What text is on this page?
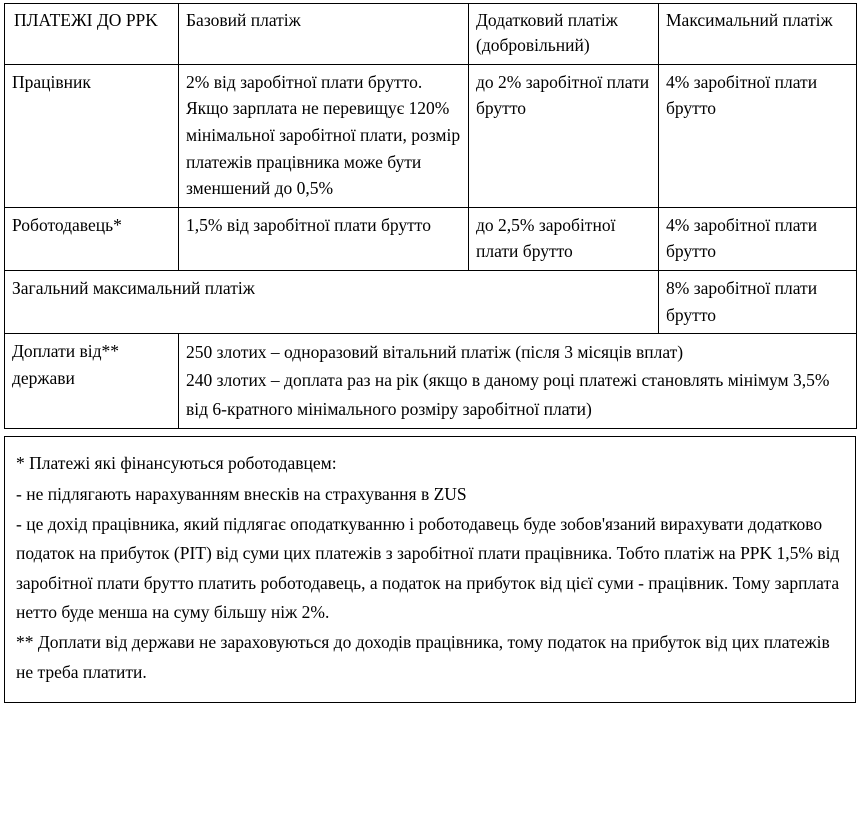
ПЛАТЕЖІ ДО PPK	Базовий платіж	Додатковий платіж (добровільний)	Максимальний платіж
Працівник	2% від заробітної плати брутто. Якщо зарплата не перевищує 120% мінімальної заробітної плати, розмір платежів працівника може бути зменшений до 0,5%	до 2% заробітної плати брутто	4% заробітної плати брутто
Роботодавець*	1,5% від заробітної плати брутто	до 2,5% заробітної плати брутто	4% заробітної плати брутто
Загальний максимальний платіж			8% заробітної плати брутто
Доплати від** держави	250 злотих – одноразовий вітальний платіж (після 3 місяців вплат)

240 злотих – доплата раз на рік (якщо в даному році платежі становлять мінімум 3,5% від 6-кратного мінімального розміру заробітної плати)		

* Платежі які фінансуються роботодавцем:

- не підлягають нарахуванням внесків на страхування в ZUS

- це дохід працівника, який підлягає оподаткуванню і роботодавець буде зобов'язаний вирахувати додатково податок на прибуток (PIT) від суми цих платежів з заробітної плати працівника. Тобто платіж на PPK 1,5% від заробітної плати брутто платить роботодавець, а податок на прибуток від цієї суми - працівник. Тому зарплата нетто буде менша на суму більшу ніж 2%.

** Доплати від держави не зараховуються до доходів працівника, тому податок на прибуток від цих платежів не треба платити.
